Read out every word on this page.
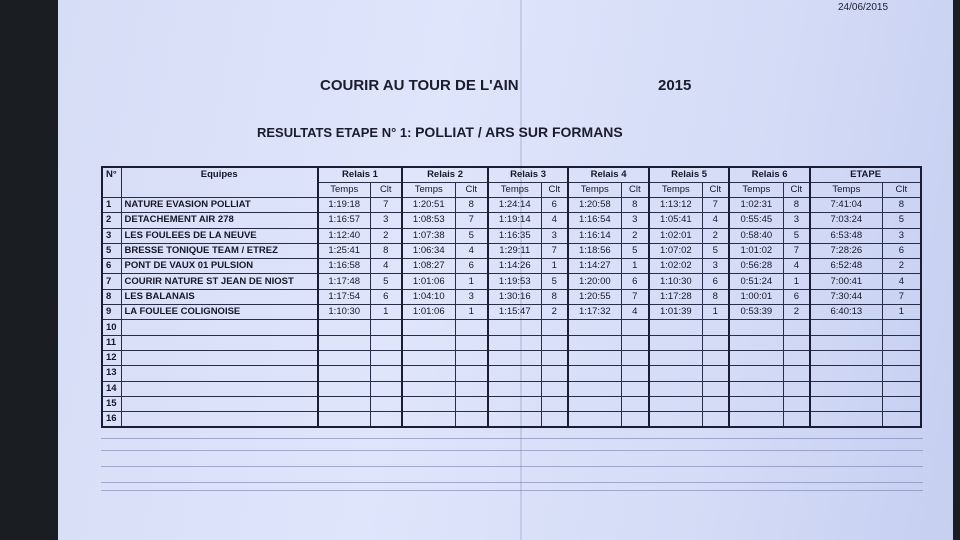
24/06/2015
COURIR AU TOUR DE L'AIN	2015
RESULTATS ETAPE N° 1: POLLIAT / ARS SUR FORMANS
N°	Equipes	Relais 1		Relais 2		Relais 3		Relais 4		Relais 5		Relais 6		ETAPE	
		Temps	Clt	Temps	Clt	Temps	Clt	Temps	Clt	Temps	Clt	Temps	Clt	Temps	Clt
1	NATURE EVASION POLLIAT	1:19:18	7	1:20:51	8	1:24:14	6	1:20:58	8	1:13:12	7	1:02:31	8	7:41:04	8
2	DETACHEMENT AIR 278	1:16:57	3	1:08:53	7	1:19:14	4	1:16:54	3	1:05:41	4	0:55:45	3	7:03:24	5
3	LES FOULEES DE LA NEUVE	1:12:40	2	1:07:38	5	1:16:35	3	1:16:14	2	1:02:01	2	0:58:40	5	6:53:48	3
5	BRESSE TONIQUE TEAM / ETREZ	1:25:41	8	1:06:34	4	1:29:11	7	1:18:56	5	1:07:02	5	1:01:02	7	7:28:26	6
6	PONT DE VAUX 01 PULSION	1:16:58	4	1:08:27	6	1:14:26	1	1:14:27	1	1:02:02	3	0:56:28	4	6:52:48	2
7	COURIR NATURE ST JEAN DE NIOST	1:17:48	5	1:01:06	1	1:19:53	5	1:20:00	6	1:10:30	6	0:51:24	1	7:00:41	4
8	LES BALANAIS	1:17:54	6	1:04:10	3	1:30:16	8	1:20:55	7	1:17:28	8	1:00:01	6	7:30:44	7
9	LA FOULEE COLIGNOISE	1:10:30	1	1:01:06	1	1:15:47	2	1:17:32	4	1:01:39	1	0:53:39	2	6:40:13	1
10															
11															
12															
13															
14															
15															
16															
